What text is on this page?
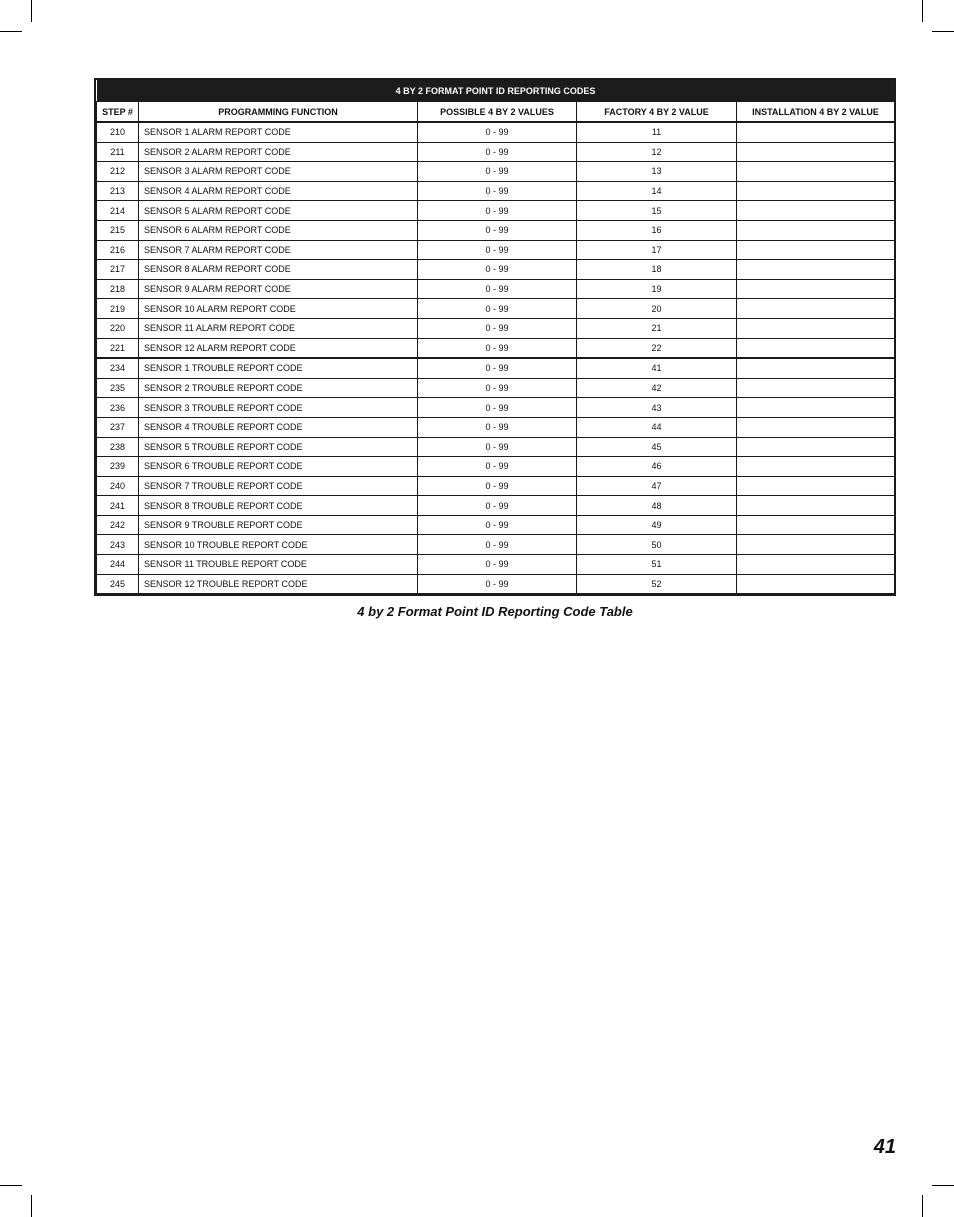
4 BY 2 FORMAT POINT ID REPORTING CODES				
STEP #	PROGRAMMING FUNCTION	POSSIBLE 4 BY 2 VALUES	FACTORY 4 BY 2 VALUE	INSTALLATION 4 BY 2 VALUE
210	SENSOR 1 ALARM REPORT CODE	0 - 99	11	
211	SENSOR 2 ALARM REPORT CODE	0 - 99	12	
212	SENSOR 3 ALARM REPORT CODE	0 - 99	13	
213	SENSOR 4 ALARM REPORT CODE	0 - 99	14	
214	SENSOR 5 ALARM REPORT CODE	0 - 99	15	
215	SENSOR 6 ALARM REPORT CODE	0 - 99	16	
216	SENSOR 7 ALARM REPORT CODE	0 - 99	17	
217	SENSOR 8 ALARM REPORT CODE	0 - 99	18	
218	SENSOR 9 ALARM REPORT CODE	0 - 99	19	
219	SENSOR 10 ALARM REPORT CODE	0 - 99	20	
220	SENSOR 11 ALARM REPORT CODE	0 - 99	21	
221	SENSOR 12 ALARM REPORT CODE	0 - 99	22	
234	SENSOR 1 TROUBLE REPORT CODE	0 - 99	41	
235	SENSOR 2 TROUBLE REPORT CODE	0 - 99	42	
236	SENSOR 3 TROUBLE REPORT CODE	0 - 99	43	
237	SENSOR 4 TROUBLE REPORT CODE	0 - 99	44	
238	SENSOR 5 TROUBLE REPORT CODE	0 - 99	45	
239	SENSOR 6 TROUBLE REPORT CODE	0 - 99	46	
240	SENSOR 7 TROUBLE REPORT CODE	0 - 99	47	
241	SENSOR 8 TROUBLE REPORT CODE	0 - 99	48	
242	SENSOR 9 TROUBLE REPORT CODE	0 - 99	49	
243	SENSOR 10 TROUBLE REPORT CODE	0 - 99	50	
244	SENSOR 11 TROUBLE REPORT CODE	0 - 99	51	
245	SENSOR 12 TROUBLE REPORT CODE	0 - 99	52	
4 by 2 Format Point ID Reporting Code Table
41
